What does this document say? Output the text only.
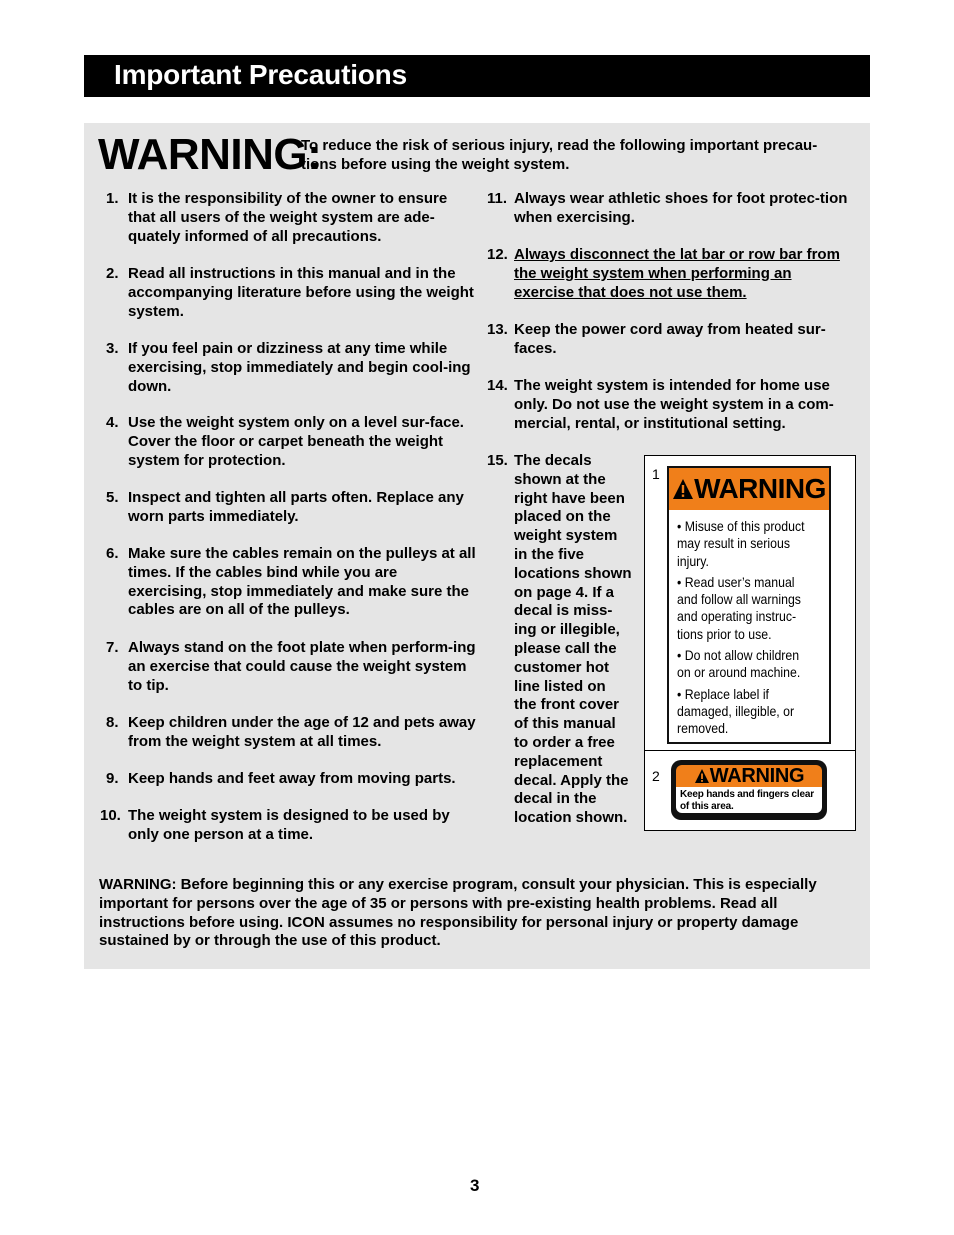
Important Precautions
WARNING:
To reduce the risk of serious injury, read the following important precau-tions before using the weight system.
1. It is the responsibility of the owner to ensure that all users of the weight system are ade-quately informed of all precautions.
2. Read all instructions in this manual and in the accompanying literature before using the weight system.
3. If you feel pain or dizziness at any time while exercising, stop immediately and begin cool-ing down.
4. Use the weight system only on a level sur-face. Cover the floor or carpet beneath the weight system for protection.
5. Inspect and tighten all parts often. Replace any worn parts immediately.
6. Make sure the cables remain on the pulleys at all times. If the cables bind while you are exercising, stop immediately and make sure the cables are on all of the pulleys.
7. Always stand on the foot plate when perform-ing an exercise that could cause the weight system to tip.
8. Keep children under the age of 12 and pets away from the weight system at all times.
9. Keep hands and feet away from moving parts.
10. The weight system is designed to be used by only one person at a time.
11. Always wear athletic shoes for foot protec-tion when exercising.
12. Always disconnect the lat bar or row bar from the weight system when performing an exercise that does not use them.
13. Keep the power cord away from heated sur-faces.
14. The weight system is intended for home use only. Do not use the weight system in a com-mercial, rental, or institutional setting.
15. The decals shown at the right have been placed on the weight system in the five locations shown on page 4. If a decal is miss-ing or illegible, please call the customer hot line listed on the front cover of this manual to order a free replacement decal. Apply the decal in the location shown.
1 WARNING

• Misuse of this product may result in serious injury.

• Read user’s manual and follow all warnings and operating instruc-tions prior to use.

• Do not allow children on or around machine.

• Replace label if damaged, illegible, or removed.

2 WARNING
Keep hands and fingers clear of this area.
WARNING: Before beginning this or any exercise program, consult your physician. This is especially important for persons over the age of 35 or persons with pre-existing health problems. Read all instructions before using. ICON assumes no responsibility for personal injury or property damage sustained by or through the use of this product.
3
